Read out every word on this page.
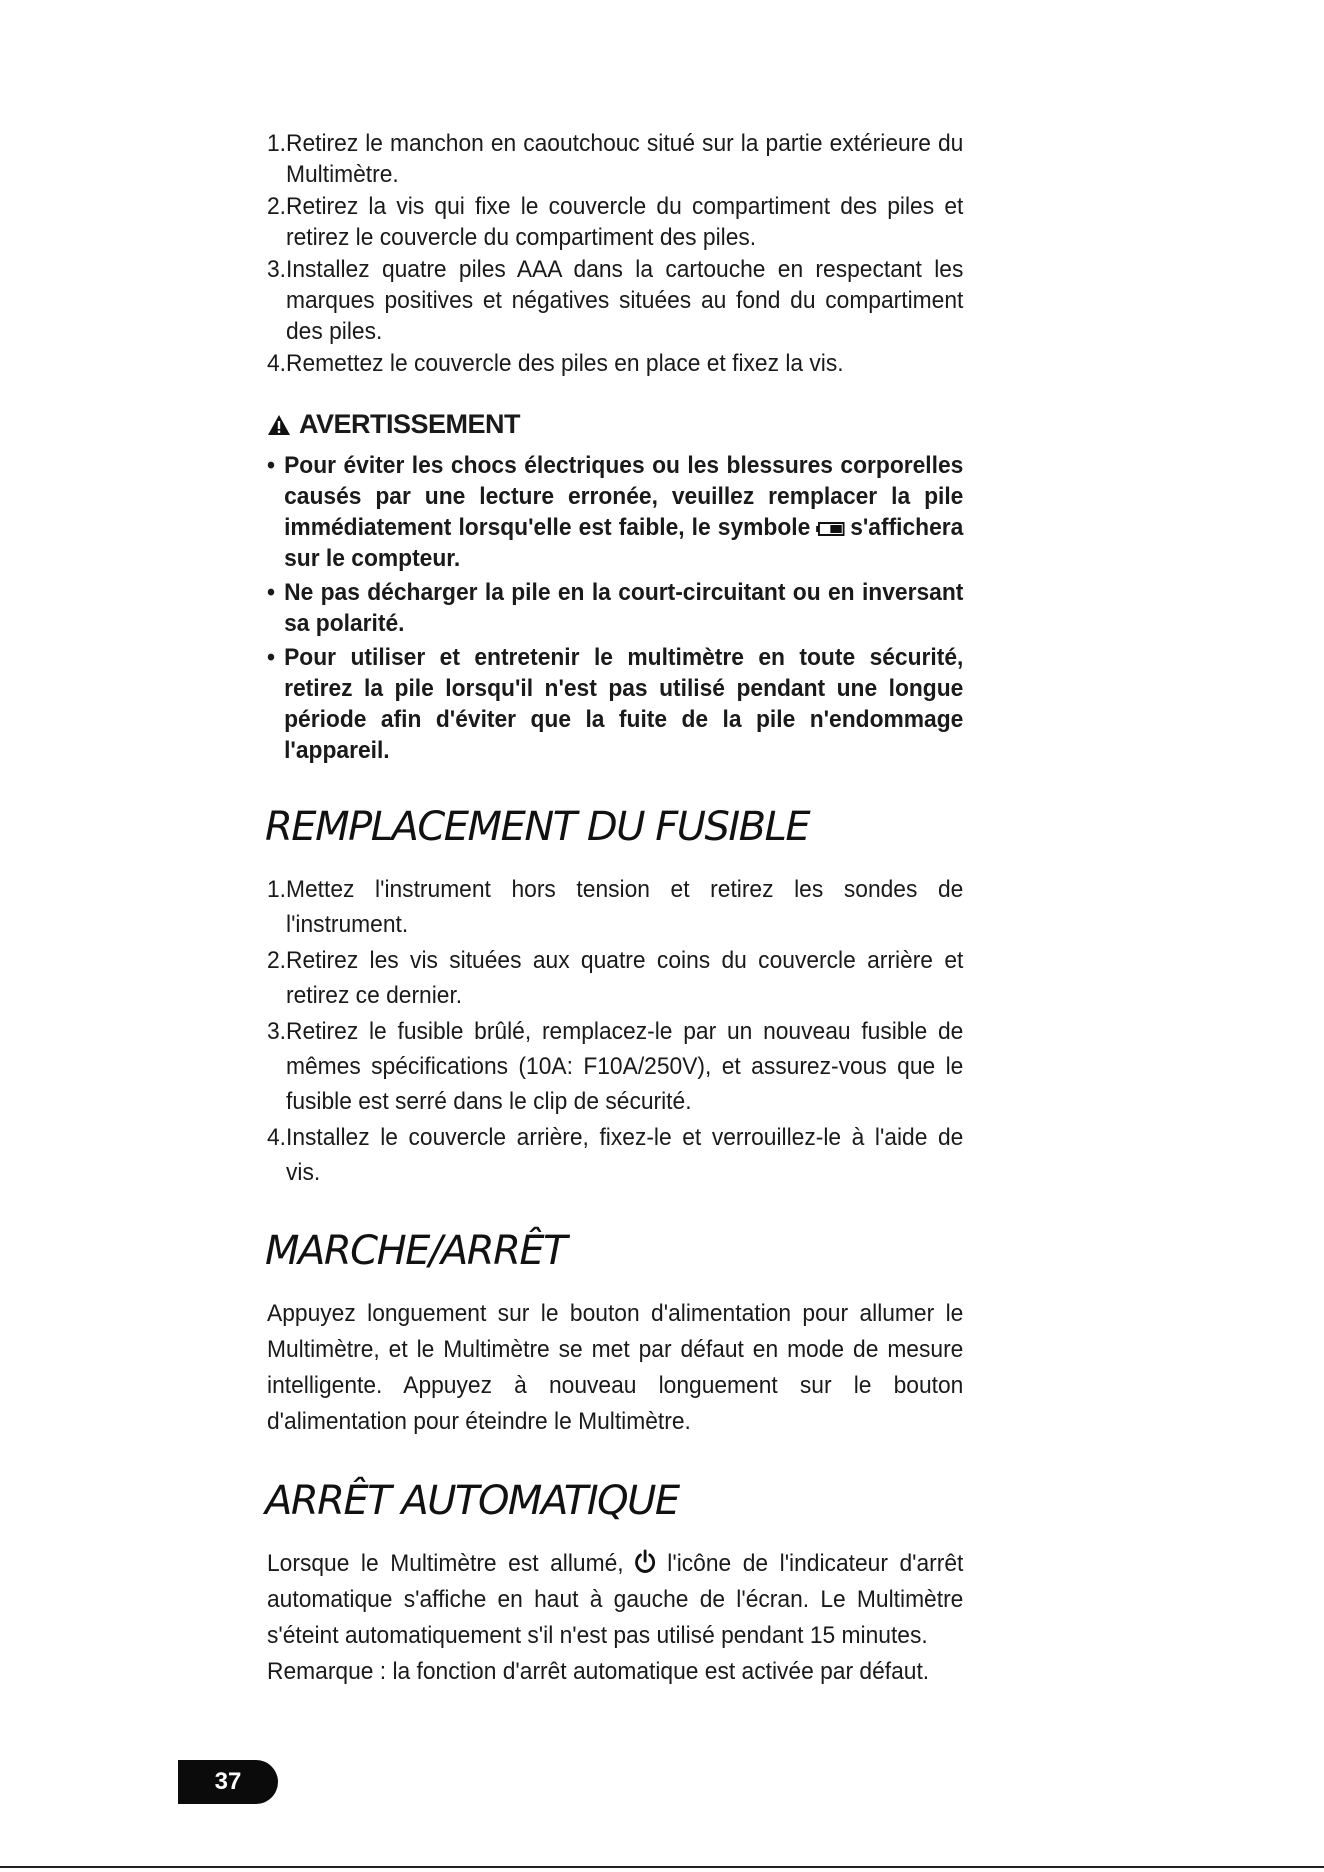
1. Retirez le manchon en caoutchouc situé sur la partie extérieure du Multimètre.
2. Retirez la vis qui fixe le couvercle du compartiment des piles et retirez le couvercle du compartiment des piles.
3. Installez quatre piles AAA dans la cartouche en respectant les marques positives et négatives situées au fond du compartiment des piles.
4. Remettez le couvercle des piles en place et fixez la vis.
AVERTISSEMENT
• Pour éviter les chocs électriques ou les blessures corporelles causés par une lecture erronée, veuillez remplacer la pile immédiatement lorsqu'elle est faible, le symbole s'affichera sur le compteur.
• Ne pas décharger la pile en la court-circuitant ou en inversant sa polarité.
• Pour utiliser et entretenir le multimètre en toute sécurité, retirez la pile lorsqu'il n'est pas utilisé pendant une longue période afin d'éviter que la fuite de la pile n'endommage l'appareil.
REMPLACEMENT DU FUSIBLE
1. Mettez l'instrument hors tension et retirez les sondes de l'instrument.
2. Retirez les vis situées aux quatre coins du couvercle arrière et retirez ce dernier.
3. Retirez le fusible brûlé, remplacez-le par un nouveau fusible de mêmes spécifications (10A: F10A/250V), et assurez-vous que le fusible est serré dans le clip de sécurité.
4. Installez le couvercle arrière, fixez-le et verrouillez-le à l'aide de vis.
MARCHE/ARRÊT

Appuyez longuement sur le bouton d'alimentation pour allumer le Multimètre, et le Multimètre se met par défaut en mode de mesure intelligente. Appuyez à nouveau longuement sur le bouton d'alimentation pour éteindre le Multimètre.

ARRÊT AUTOMATIQUE

Lorsque le Multimètre est allumé, l'icône de l'indicateur d'arrêt automatique s'affiche en haut à gauche de l'écran. Le Multimètre s'éteint automatiquement s'il n'est pas utilisé pendant 15 minutes.
Remarque : la fonction d'arrêt automatique est activée par défaut.

37
